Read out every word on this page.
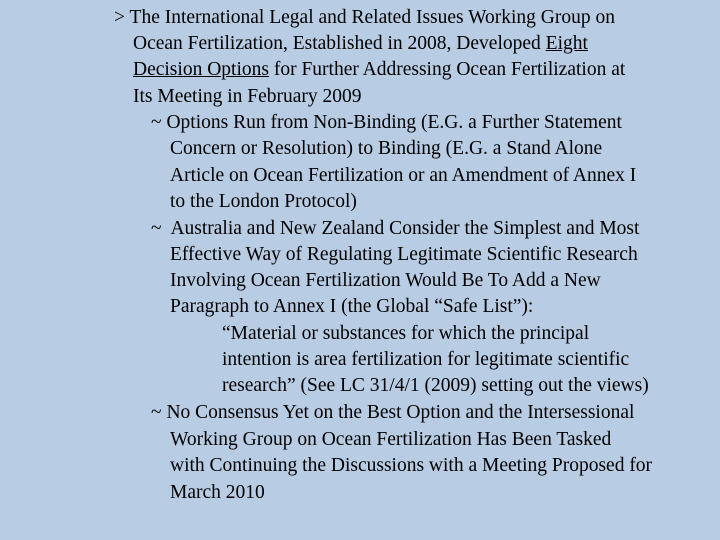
> The International Legal and Related Issues Working Group on
Ocean Fertilization, Established in 2008, Developed Eight
Decision Options for Further Addressing Ocean Fertilization at
Its Meeting in February 2009
~ Options Run from Non-Binding (E.G. a Further Statement
Concern or Resolution) to Binding (E.G. a Stand Alone
Article on Ocean Fertilization or an Amendment of Annex I
to the London Protocol)
~ Australia and New Zealand Consider the Simplest and Most
Effective Way of Regulating Legitimate Scientific Research
Involving Ocean Fertilization Would Be To Add a New
Paragraph to Annex I (the Global “Safe List”):
“Material or substances for which the principal
intention is area fertilization for legitimate scientific
research” (See LC 31/4/1 (2009) setting out the views)
~ No Consensus Yet on the Best Option and the Intersessional
Working Group on Ocean Fertilization Has Been Tasked
with Continuing the Discussions with a Meeting Proposed for
March 2010
